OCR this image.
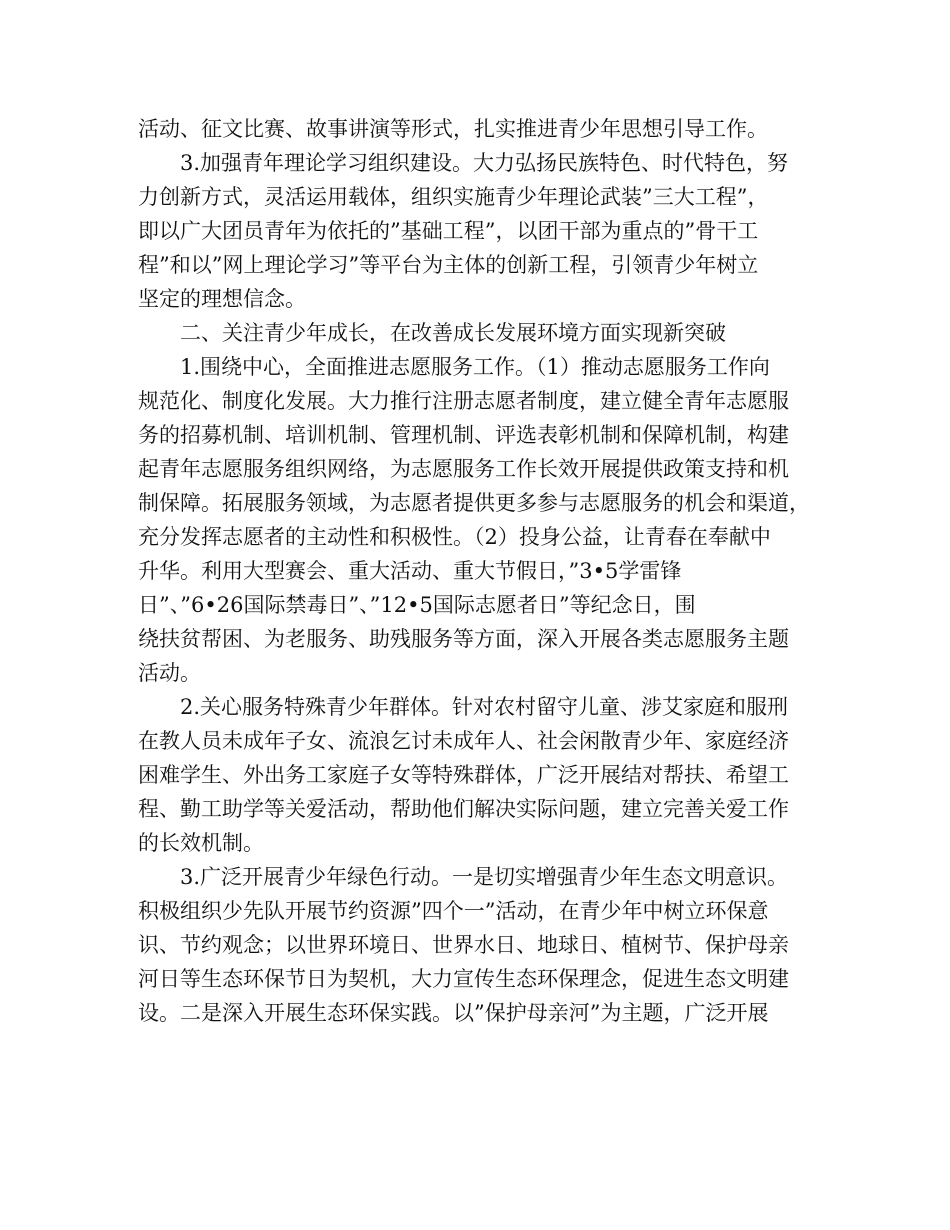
活动、征文比赛、故事讲演等形式，扎实推进青少年思想引导工作。
3.加强青年理论学习组织建设。大力弘扬民族特色、时代特色，努
力创新方式，灵活运用载体，组织实施青少年理论武装”三大工程”，
即以广大团员青年为依托的”基础工程”，以团干部为重点的”骨干工
程”和以”网上理论学习”等平台为主体的创新工程，引领青少年树立
坚定的理想信念。
二、关注青少年成长，在改善成长发展环境方面实现新突破
1.围绕中心，全面推进志愿服务工作。（1）推动志愿服务工作向
规范化、制度化发展。大力推行注册志愿者制度，建立健全青年志愿服
务的招募机制、培训机制、管理机制、评选表彰机制和保障机制，构建
起青年志愿服务组织网络，为志愿服务工作长效开展提供政策支持和机
制保障。拓展服务领域，为志愿者提供更多参与志愿服务的机会和渠道，
充分发挥志愿者的主动性和积极性。（2）投身公益，让青春在奉献中
升华。利用大型赛会、重大活动、重大节假日，”3•5学雷锋
日”、”6•26国际禁毒日”、”12•5国际志愿者日”等纪念日，围
绕扶贫帮困、为老服务、助残服务等方面，深入开展各类志愿服务主题
活动。
2.关心服务特殊青少年群体。针对农村留守儿童、涉艾家庭和服刑
在教人员未成年子女、流浪乞讨未成年人、社会闲散青少年、家庭经济
困难学生、外出务工家庭子女等特殊群体，广泛开展结对帮扶、希望工
程、勤工助学等关爱活动，帮助他们解决实际问题，建立完善关爱工作
的长效机制。
3.广泛开展青少年绿色行动。一是切实增强青少年生态文明意识。
积极组织少先队开展节约资源”四个一”活动，在青少年中树立环保意
识、节约观念；以世界环境日、世界水日、地球日、植树节、保护母亲
河日等生态环保节日为契机，大力宣传生态环保理念，促进生态文明建
设。二是深入开展生态环保实践。以”保护母亲河”为主题，广泛开展
